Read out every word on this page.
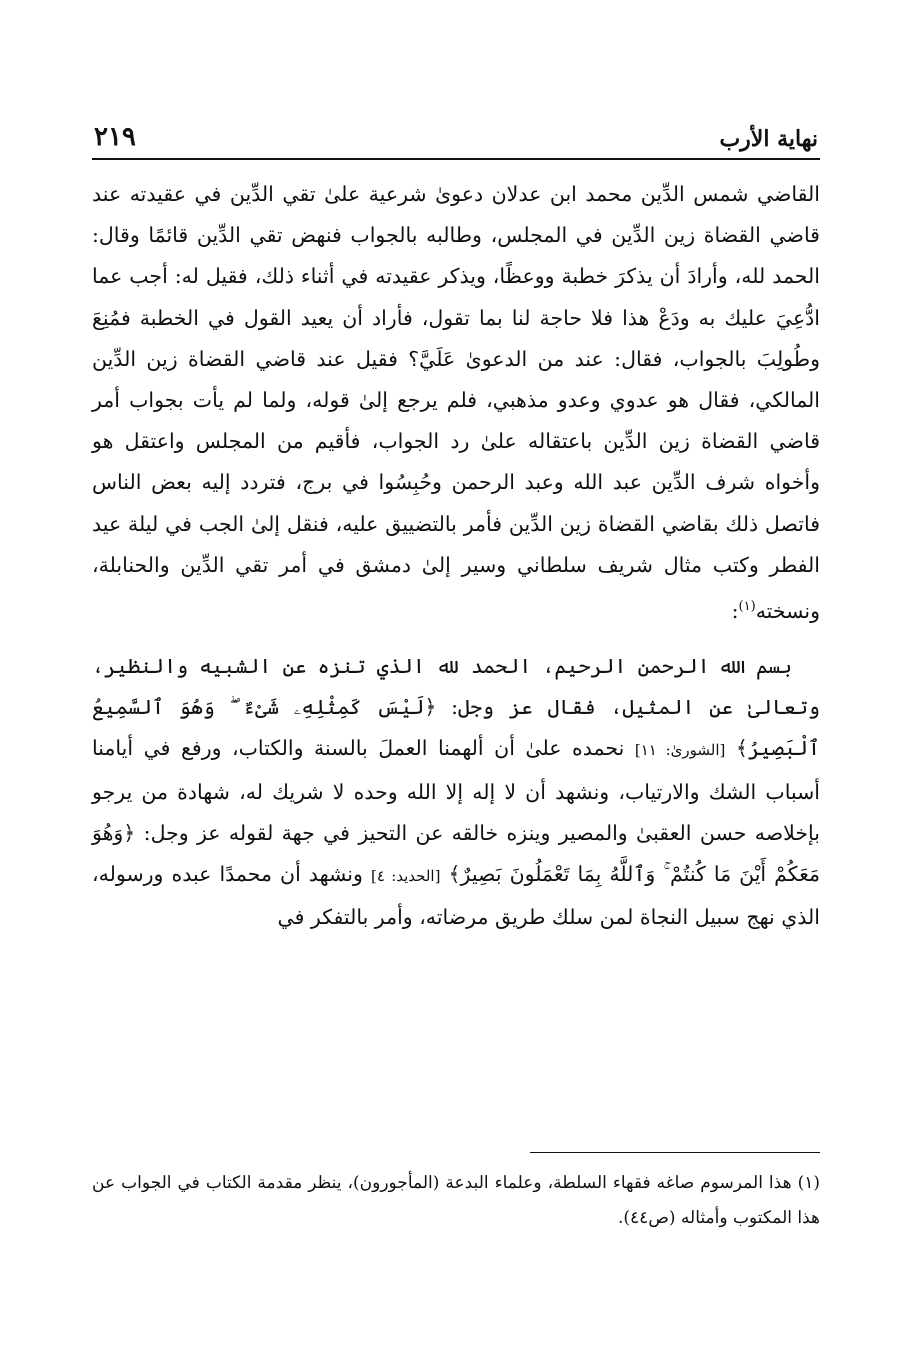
نهاية الأرب
٢١٩

القاضي شمس الدِّين محمد ابن عدلان دعوىٰ شرعية علىٰ تقي الدِّين في عقيدته عند قاضي القضاة زين الدِّين في المجلس، وطالبه بالجواب فنهض تقي الدِّين قائمًا وقال: الحمد لله، وأرادَ أن يذكرَ خطبة ووعظًا، ويذكر عقيدته في أثناء ذلك، فقيل له: أجب عما ادُّعِيَ عليك به ودَعْ هذا فلا حاجة لنا بما تقول، فأراد أن يعيد القول في الخطبة فمُنِعَ وطُولِبَ بالجواب، فقال: عند من الدعوىٰ عَلَيَّ؟ فقيل عند قاضي القضاة زين الدِّين المالكي، فقال هو عدوي وعدو مذهبي، فلم يرجع إلىٰ قوله، ولما لم يأت بجواب أمر قاضي القضاة زين الدِّين باعتقاله علىٰ رد الجواب، فأقيم من المجلس واعتقل هو وأخواه شرف الدِّين عبد الله وعبد الرحمن وحُبِسُوا في برج، فتردد إليه بعض الناس فاتصل ذلك بقاضي القضاة زين الدِّين فأمر بالتضييق عليه، فنقل إلىٰ الجب في ليلة عيد الفطر وكتب مثال شريف سلطاني وسير إلىٰ دمشق في أمر تقي الدِّين والحنابلة، ونسخته$^{(١)}$:

بسم الله الرحمن الرحيم، الحمد لله الذي تنزه عن الشبيه والنظير، وتعالىٰ عن المثيل، فقال عز وجل: ﴿لَيْسَ كَمِثْلِهِۦ شَىْءٌ ۖ وَهُوَ ٱلسَّمِيعُ ٱلْبَصِيرُ﴾ [الشورىٰ: ١١] نحمده علىٰ أن ألهمنا العملَ بالسنة والكتاب، ورفع في أيامنا أسباب الشك والارتياب، ونشهد أن لا إله إلا الله وحده لا شريك له، شهادة من يرجو بإخلاصه حسن العقبىٰ والمصير وينزه خالقه عن التحيز في جهة لقوله عز وجل: ﴿وَهُوَ مَعَكُمْ أَيْنَ مَا كُنتُمْ ۚ وَٱللَّهُ بِمَا تَعْمَلُونَ بَصِيرٌ﴾ [الحديد: ٤] ونشهد أن محمدًا عبده ورسوله، الذي نهج سبيل النجاة لمن سلك طريق مرضاته، وأمر بالتفكر في

(١) هذا المرسوم صاغه فقهاء السلطة، وعلماء البدعة (المأجورون)، ينظر مقدمة الكتاب في الجواب عن هذا المكتوب وأمثاله (ص٤٤).
